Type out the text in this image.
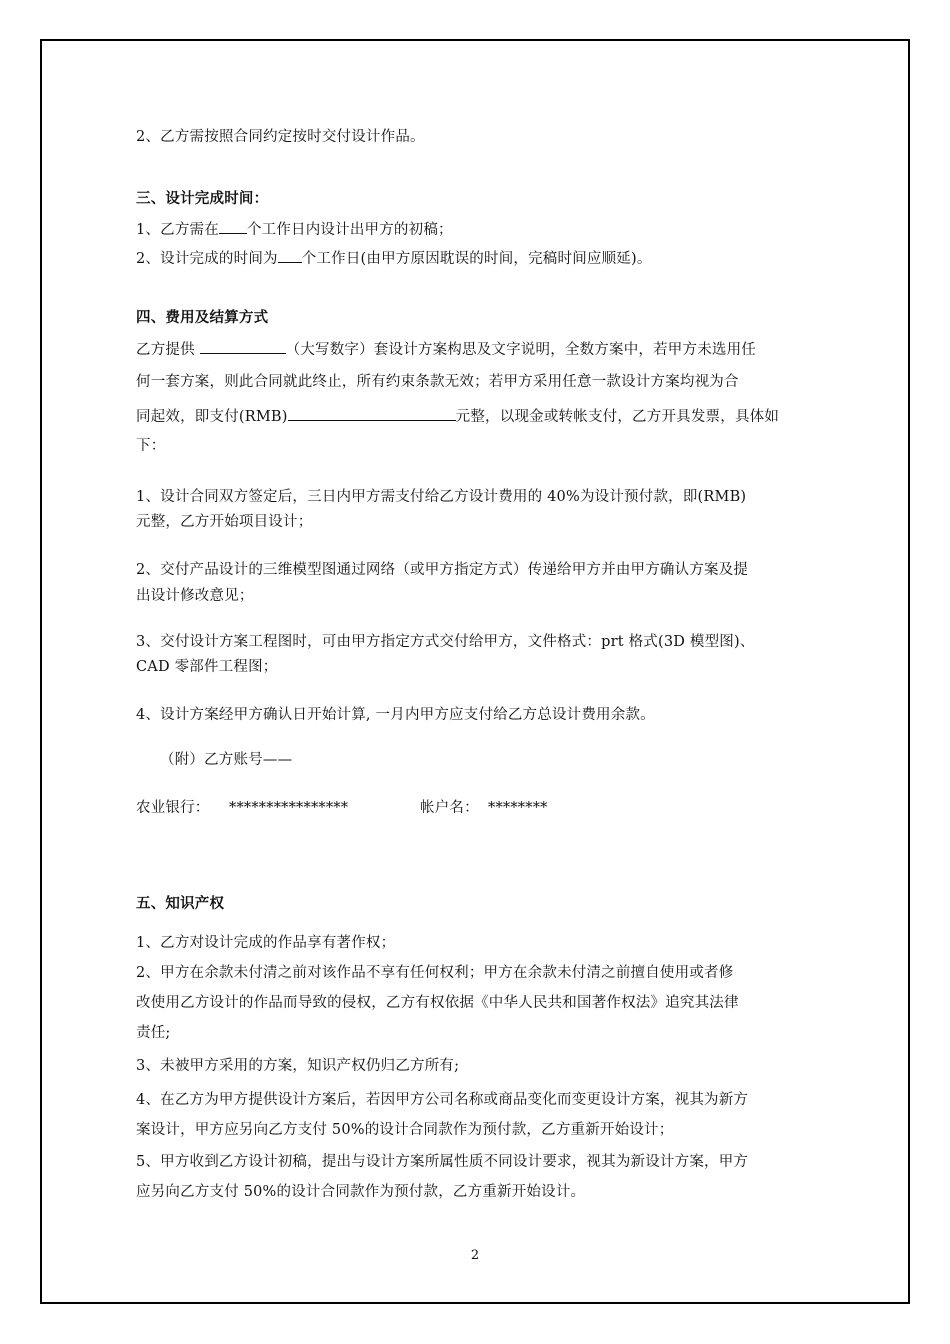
2、乙方需按照合同约定按时交付设计作品。
三、设计完成时间：
1、乙方需在 个工作日内设计出甲方的初稿；
2、设计完成的时间为 个工作日(由甲方原因耽误的时间，完稿时间应顺延)。
四、费用及结算方式
乙方提供	（大写数字）套设计方案构思及文字说明，全数方案中，若甲方未选用任
何一套方案，则此合同就此终止，所有约束条款无效；若甲方采用任意一款设计方案均视为合
同起效，即支付(RMB)	元整，以现金或转帐支付，乙方开具发票，具体如
下：
1、设计合同双方签定后，三日内甲方需支付给乙方设计费用的 40%为设计预付款，即(RMB)
元整，乙方开始项目设计；
2、交付产品设计的三维模型图通过网络（或甲方指定方式）传递给甲方并由甲方确认方案及提
出设计修改意见；
3、交付设计方案工程图时，可由甲方指定方式交付给甲方，文件格式：prt 格式(3D 模型图)、
CAD 零部件工程图；
4、设计方案经甲方确认日开始计算, 一月内甲方应支付给乙方总设计费用余款。
（附）乙方账号——
农业银行： ****************	帐户名： ********
五、知识产权
1、乙方对设计完成的作品享有著作权；
2、甲方在余款未付清之前对该作品不享有任何权利；甲方在余款未付清之前擅自使用或者修
改使用乙方设计的作品而导致的侵权，乙方有权依据《中华人民共和国著作权法》追究其法律
责任;
3、未被甲方采用的方案，知识产权仍归乙方所有;
4、在乙方为甲方提供设计方案后，若因甲方公司名称或商品变化而变更设计方案，视其为新方
案设计，甲方应另向乙方支付 50%的设计合同款作为预付款，乙方重新开始设计；
5、甲方收到乙方设计初稿，提出与设计方案所属性质不同设计要求，视其为新设计方案，甲方
应另向乙方支付 50%的设计合同款作为预付款，乙方重新开始设计。
2
